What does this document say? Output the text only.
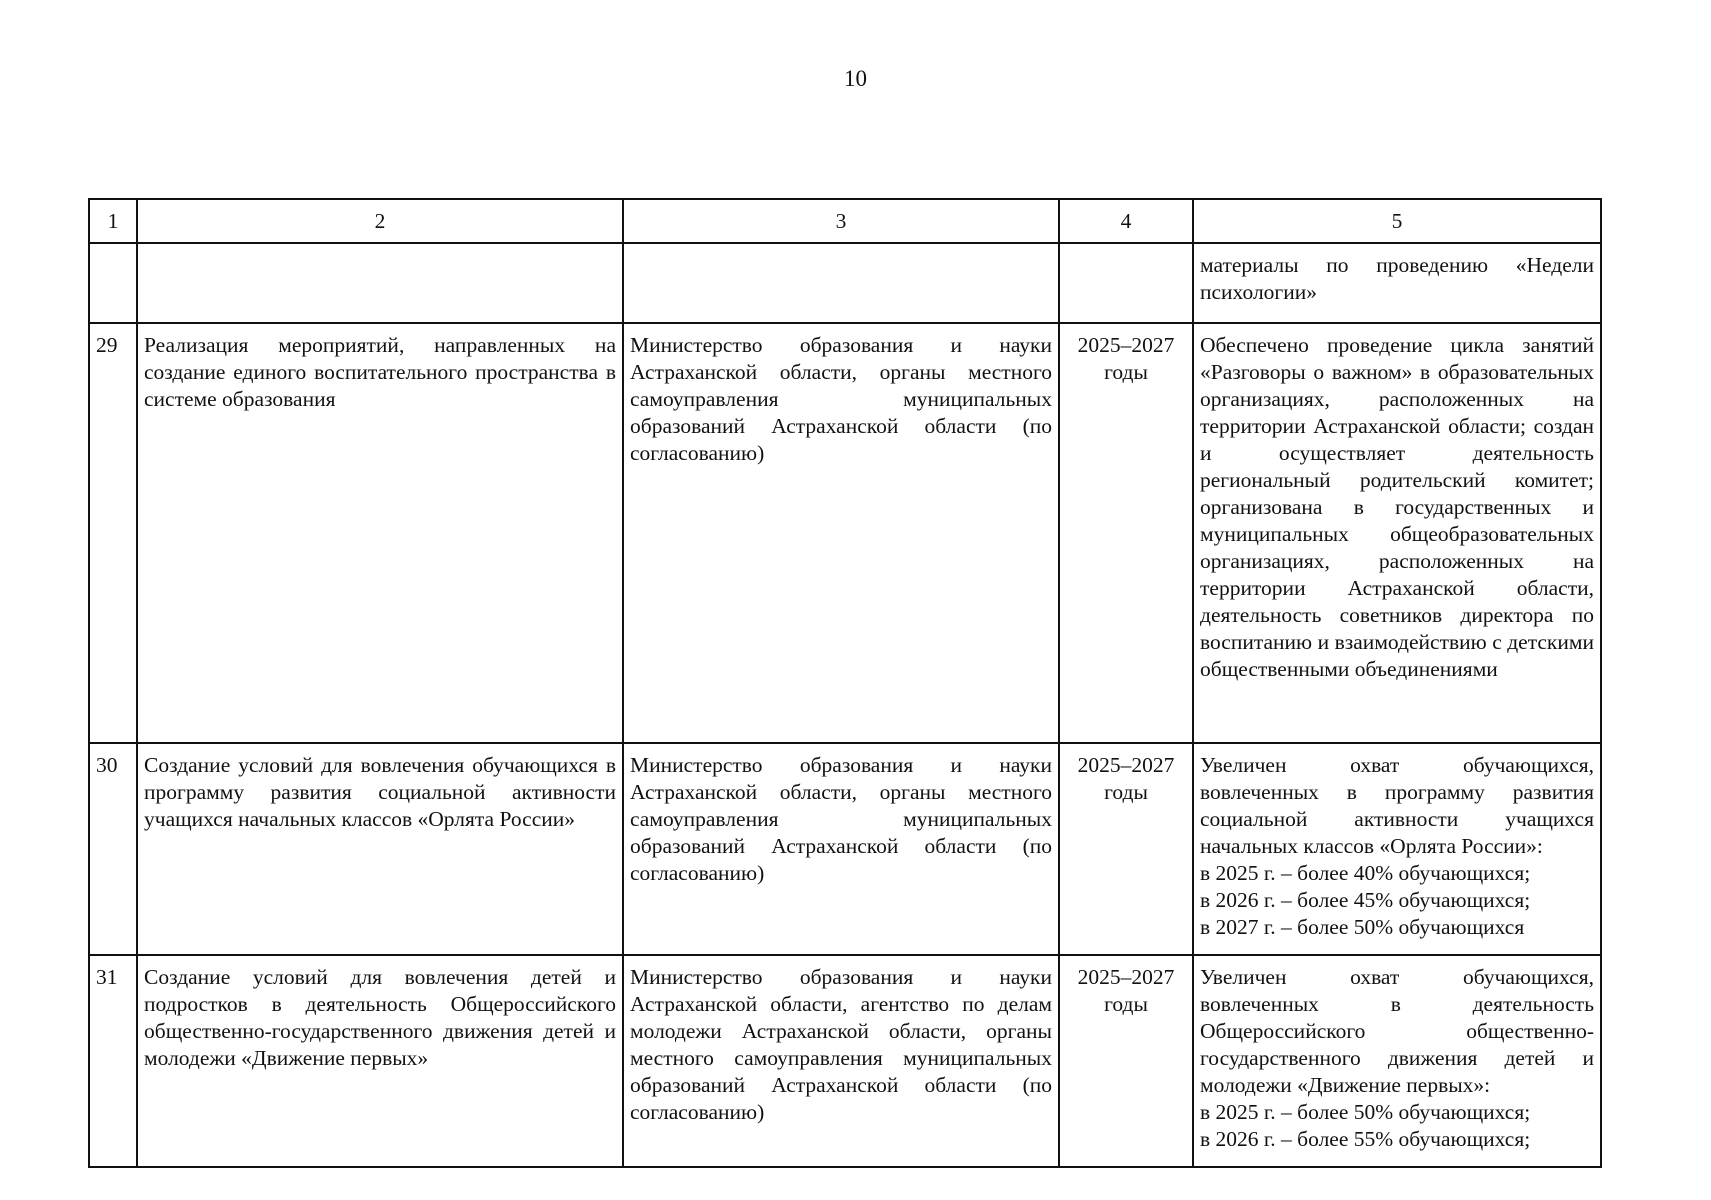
10
1	2	3	4	5
				материалы по проведению «Недели психологии»
29	Реализация мероприятий, направленных на создание единого воспитательного пространства в системе образования	Министерство образования и науки Астраханской области, органы местного самоуправления муниципальных образований Астраханской области (по согласованию)	2025–2027 годы	Обеспечено проведение цикла занятий «Разговоры о важном» в образовательных организациях, расположенных на территории Астраханской области; создан и осуществляет деятельность региональный родительский комитет; организована в государственных и муниципальных общеобразовательных организациях, расположенных на территории Астраханской области, деятельность советников директора по воспитанию и взаимодействию с детскими общественными объединениями

30	Создание условий для вовлечения обучающихся в программу развития социальной активности учащихся начальных классов «Орлята России»	Министерство образования и науки Астраханской области, органы местного самоуправления муниципальных образований Астраханской области (по согласованию)	2025–2027 годы	Увеличен охват обучающихся, вовлеченных в программу развития социальной активности учащихся начальных классов «Орлята России»:
в 2025 г. – более 40% обучающихся;
в 2026 г. – более 45% обучающихся;
в 2027 г. – более 50% обучающихся

31	Создание условий для вовлечения детей и подростков в деятельность Общероссийского общественно-государственного движения детей и молодежи «Движение первых»	Министерство образования и науки Астраханской области, агентство по делам молодежи Астраханской области, органы местного самоуправления муниципальных образований Астраханской области (по согласованию)	2025–2027 годы	Увеличен охват обучающихся, вовлеченных в деятельность Общероссийского общественно-государственного движения детей и молодежи «Движение первых»:
в 2025 г. – более 50% обучающихся;
в 2026 г. – более 55% обучающихся;
